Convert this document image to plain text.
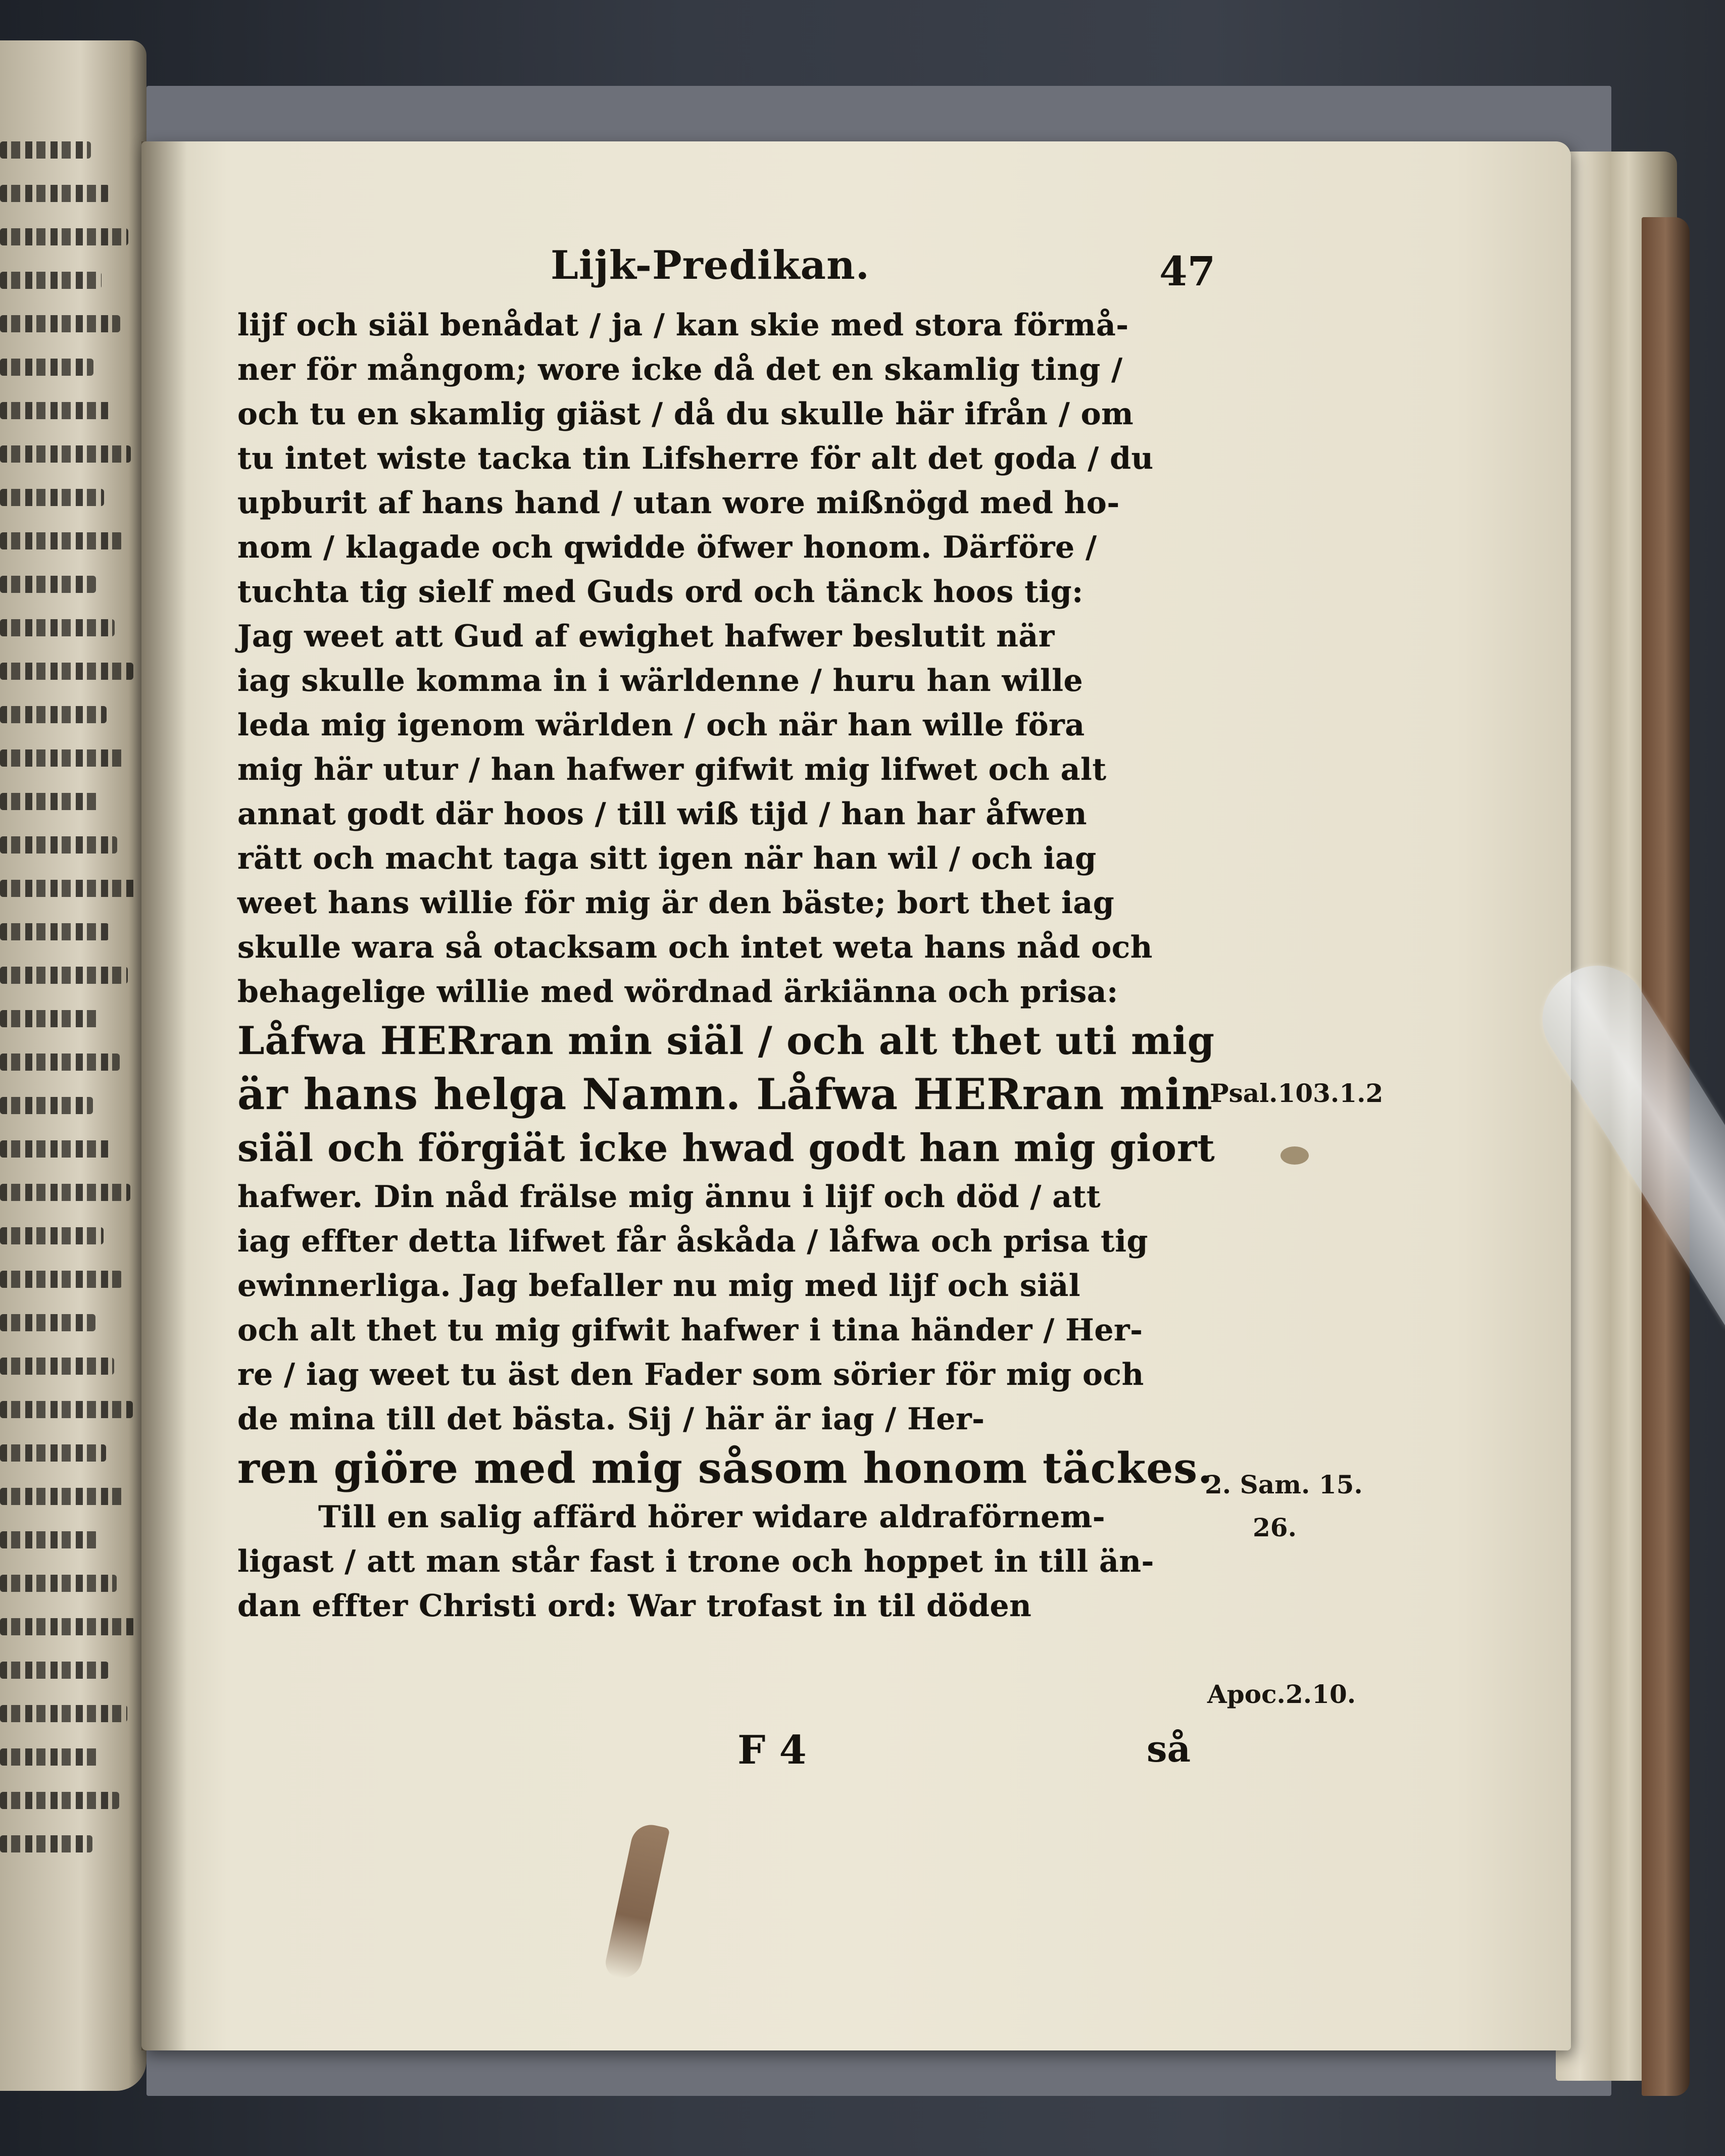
Lijk-Predikan.	47
lijf och siäl benådat / ja / kan skie med stora förmå-
ner för mångom; wore icke då det en skamlig ting /
och tu en skamlig giäst / då du skulle här ifrån / om
tu intet wiste tacka tin Lifsherre för alt det goda / du
upburit af hans hand / utan wore mißnögd med ho-
nom / klagade och qwidde öfwer honom. Därföre /
tuchta tig sielf med Guds ord och tänck hoos tig:
Jag weet att Gud af ewighet hafwer beslutit när
iag skulle komma in i wärldenne / huru han wille
leda mig igenom wärlden / och när han wille föra
mig här utur / han hafwer gifwit mig lifwet och alt
annat godt där hoos / till wiß tijd / han har åfwen
rätt och macht taga sitt igen när han wil / och iag
weet hans willie för mig är den bäste; bort thet iag
skulle wara så otacksam och intet weta hans nåd och
behagelige willie med wördnad ärkiänna och prisa:
Låfwa HERran min siäl / och alt thet uti mig
är hans helga Namn. Låfwa HERran min
siäl och förgiät icke hwad godt han mig giort
hafwer. Din nåd frälse mig ännu i lijf och död / att
iag effter detta lifwet får åskåda / låfwa och prisa tig
ewinnerliga. Jag befaller nu mig med lijf och siäl
och alt thet tu mig gifwit hafwer i tina händer / Her-
re / iag weet tu äst den Fader som sörier för mig och
de mina till det bästa. Sij / här är iag / Her-
ren giöre med mig såsom honom täckes.
Till en salig affärd hörer widare aldraförnem-
ligast / att man står fast i trone och hoppet in till än-
dan effter Christi ord: War trofast in til döden
Psal.103.1.2
2. Sam. 15.
26.
Apoc.2.10.
F 4	så
